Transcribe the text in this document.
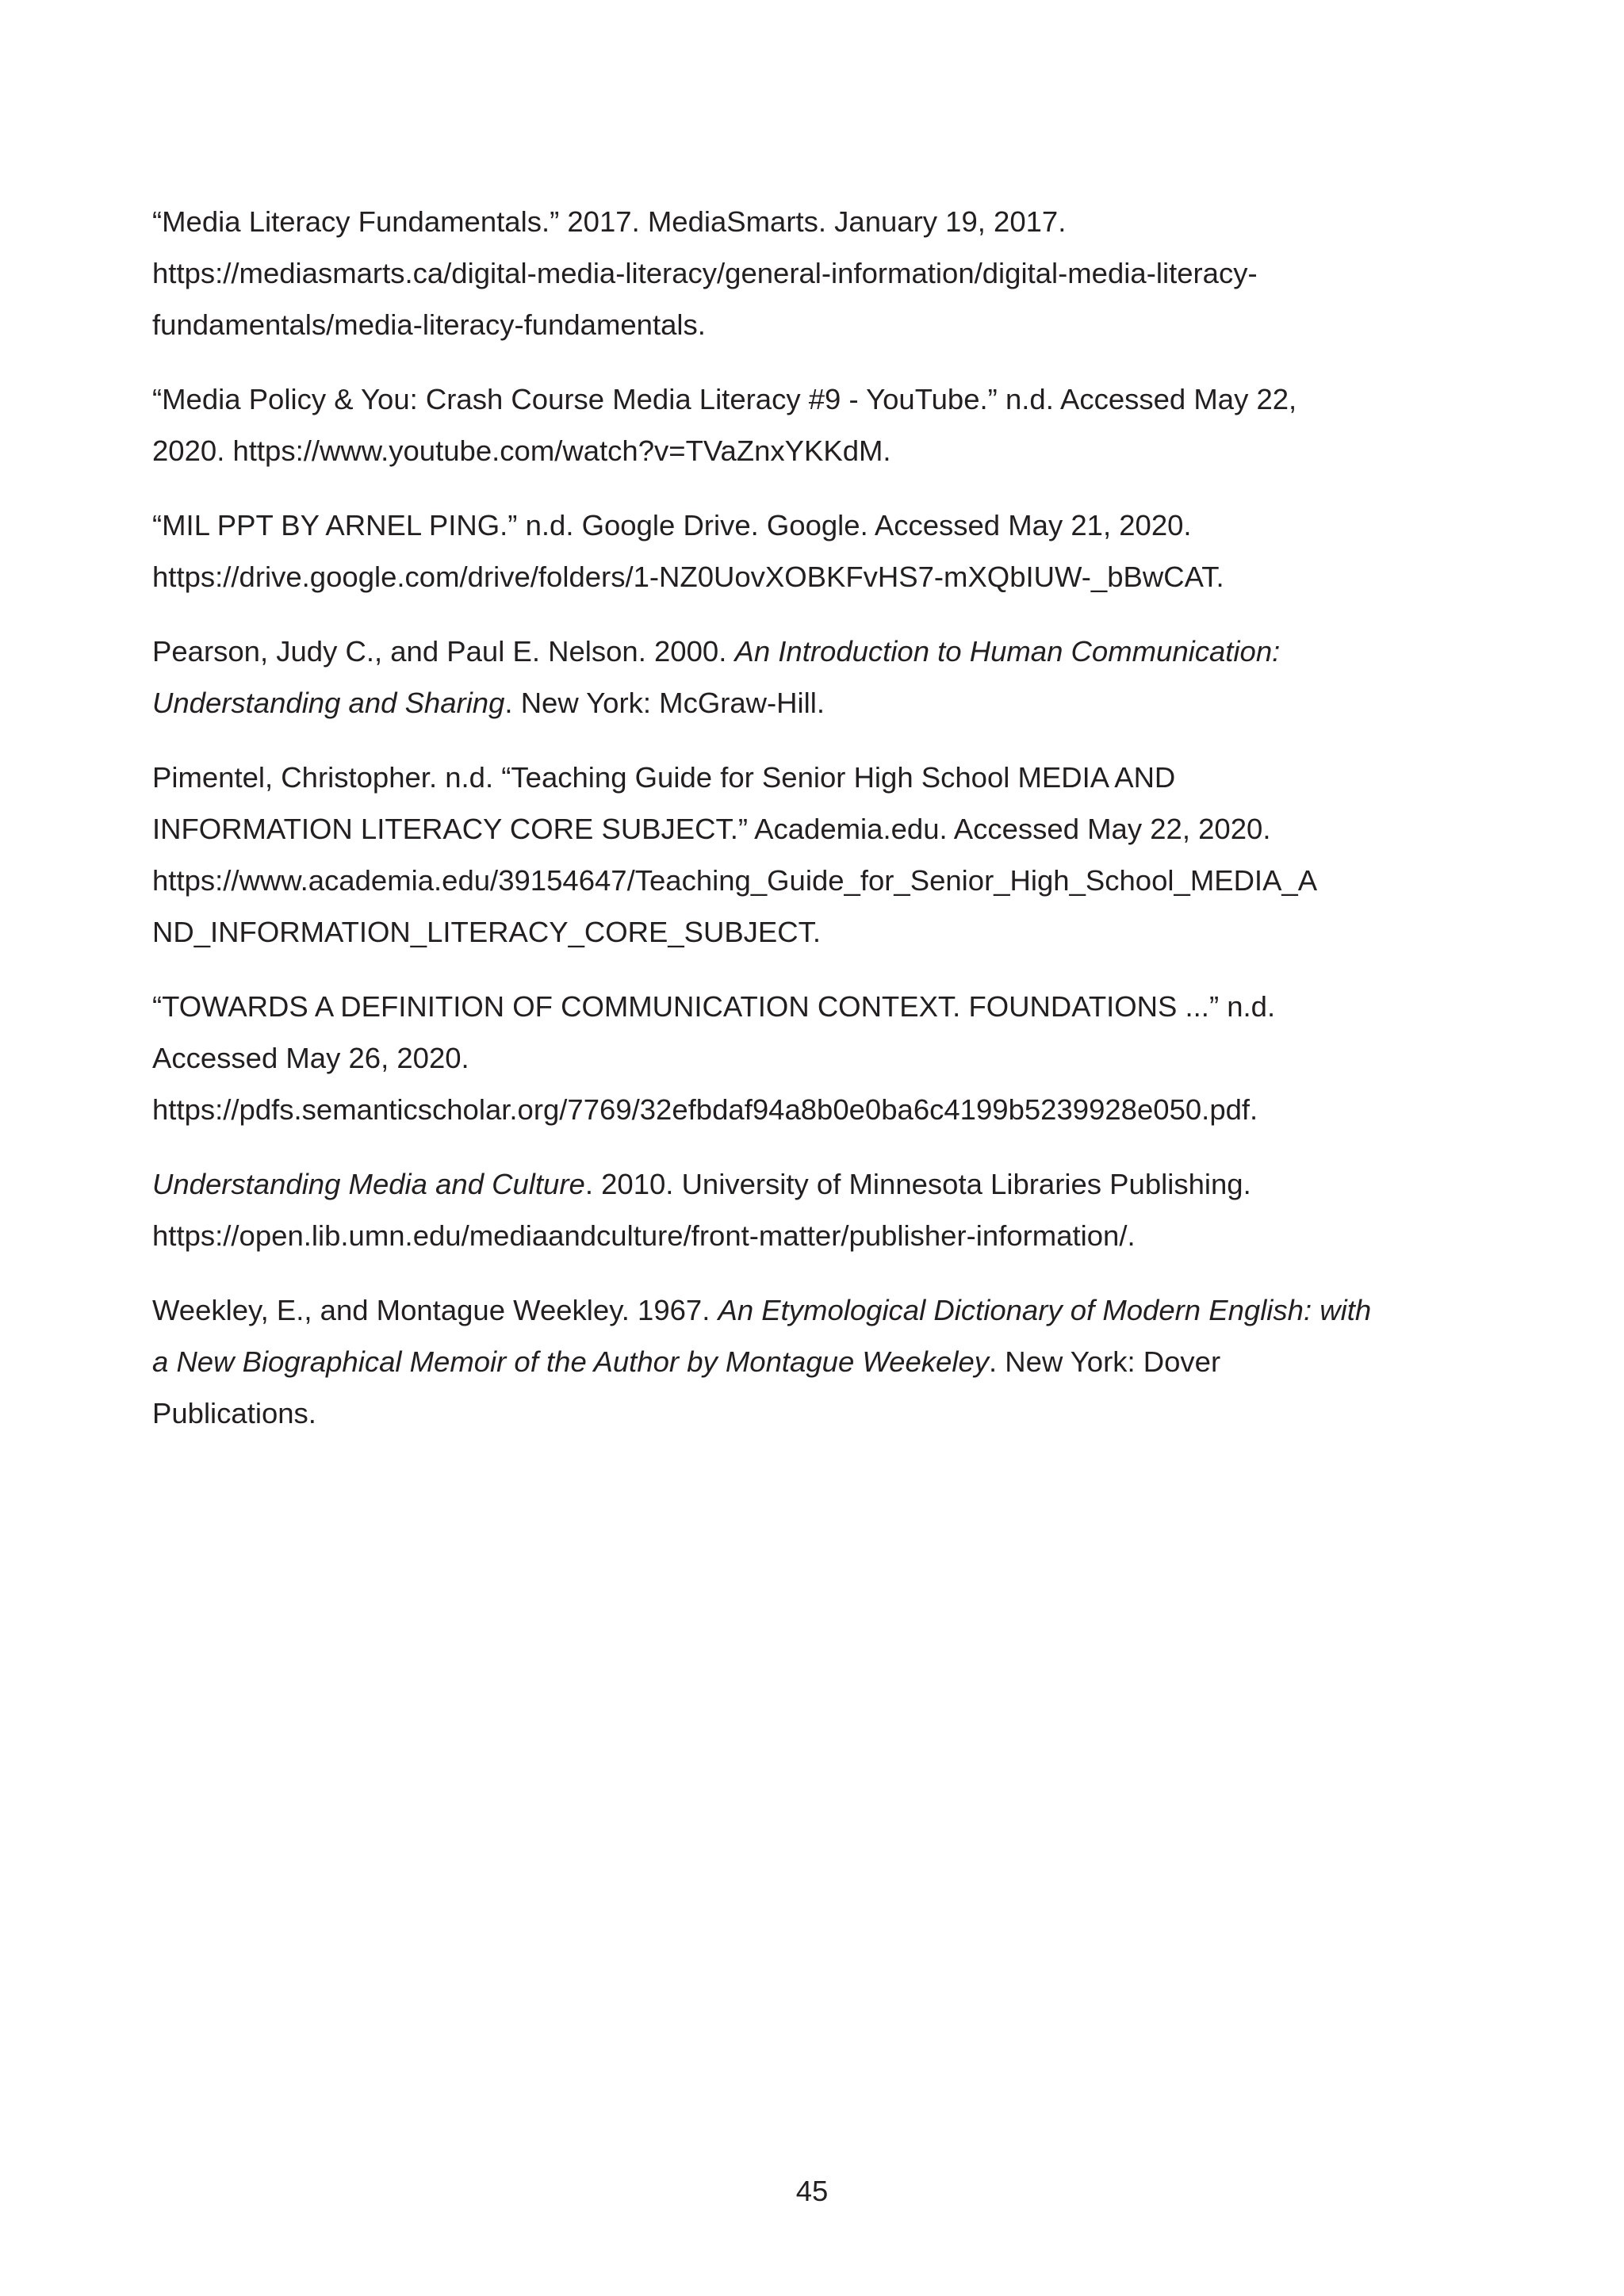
“Media Literacy Fundamentals.” 2017. MediaSmarts. January 19, 2017.
https://mediasmarts.ca/digital-media-literacy/general-information/digital-media-literacy-
fundamentals/media-literacy-fundamentals.

“Media Policy & You: Crash Course Media Literacy #9 - YouTube.” n.d. Accessed May 22,
2020. https://www.youtube.com/watch?v=TVaZnxYKKdM.

“MIL PPT BY ARNEL PING.” n.d. Google Drive. Google. Accessed May 21, 2020.
https://drive.google.com/drive/folders/1-NZ0UovXOBKFvHS7-mXQbIUW-_bBwCAT.

Pearson, Judy C., and Paul E. Nelson. 2000. An Introduction to Human Communication:
Understanding and Sharing. New York: McGraw-Hill.

Pimentel, Christopher. n.d. “Teaching Guide for Senior High School MEDIA AND
INFORMATION LITERACY CORE SUBJECT.” Academia.edu. Accessed May 22, 2020.
https://www.academia.edu/39154647/Teaching_Guide_for_Senior_High_School_MEDIA_A
ND_INFORMATION_LITERACY_CORE_SUBJECT.

“TOWARDS A DEFINITION OF COMMUNICATION CONTEXT. FOUNDATIONS ...” n.d.
Accessed May 26, 2020.
https://pdfs.semanticscholar.org/7769/32efbdaf94a8b0e0ba6c4199b5239928e050.pdf.

Understanding Media and Culture. 2010. University of Minnesota Libraries Publishing.
https://open.lib.umn.edu/mediaandculture/front-matter/publisher-information/.

Weekley, E., and Montague Weekley. 1967. An Etymological Dictionary of Modern English: with
a New Biographical Memoir of the Author by Montague Weekeley. New York: Dover
Publications.

45
